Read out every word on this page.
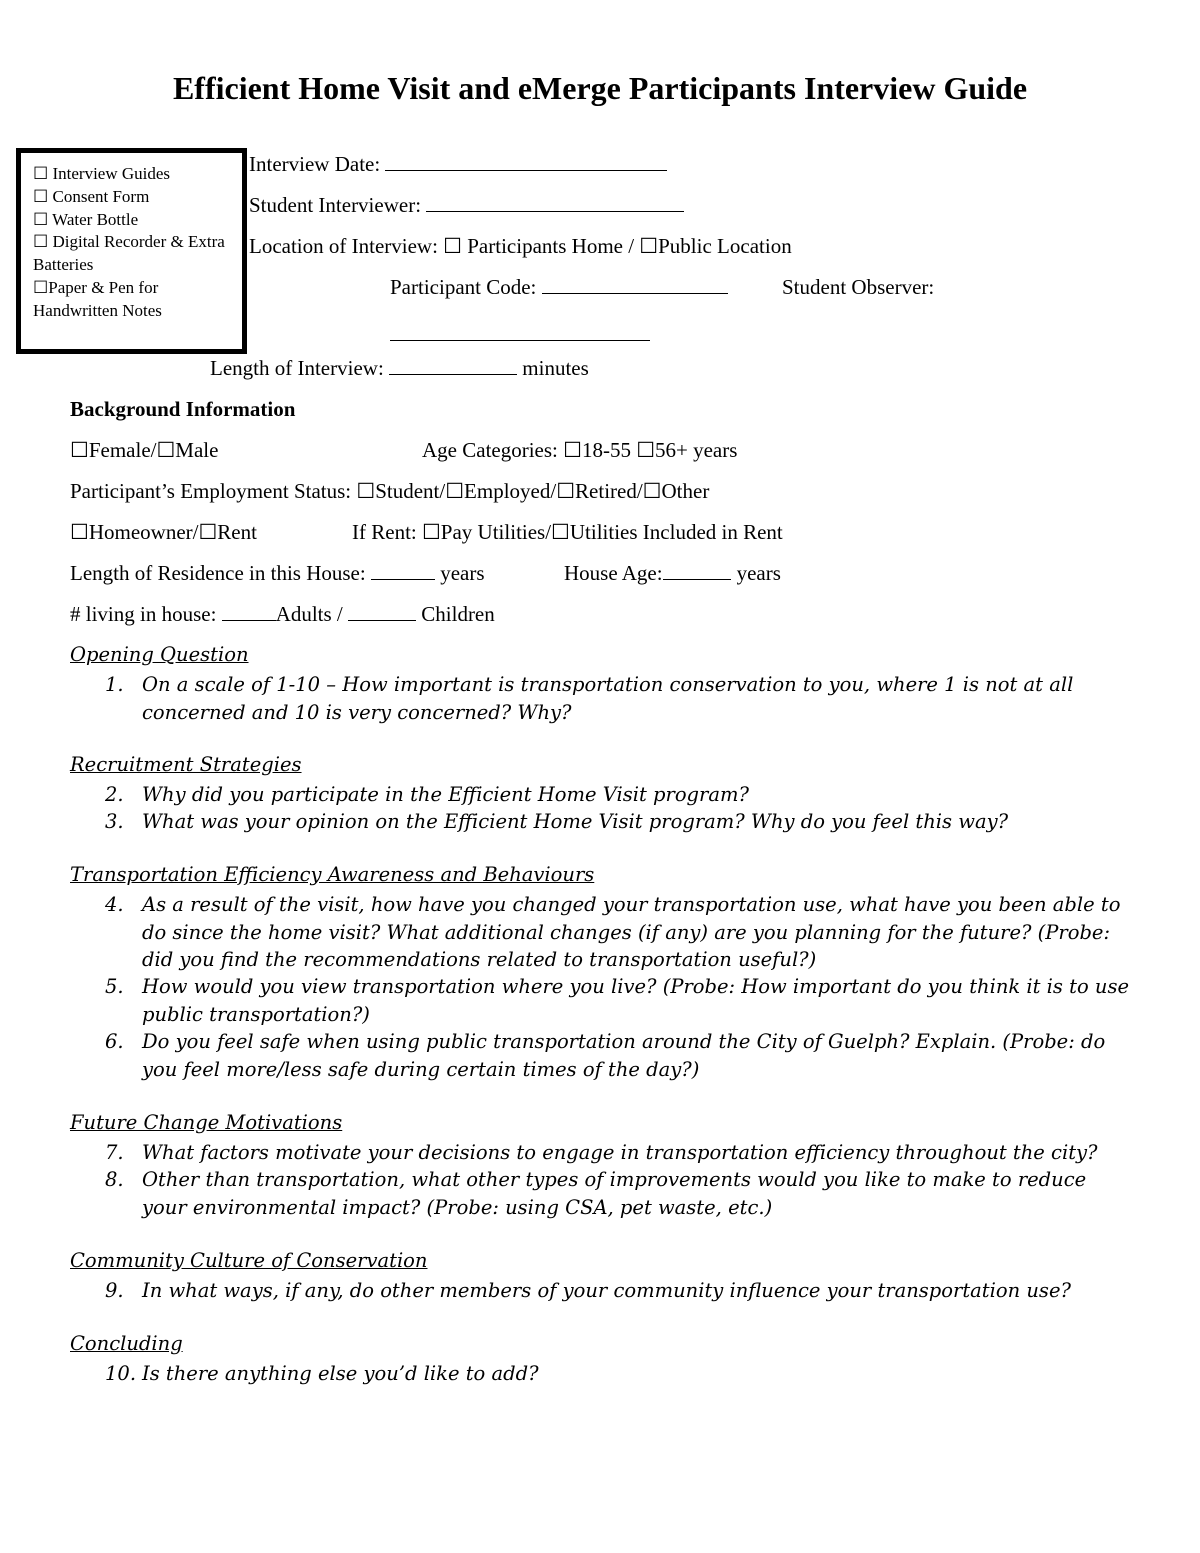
Efficient Home Visit and eMerge Participants Interview Guide
☐ Interview Guides
☐ Consent Form
☐ Water Bottle
☐ Digital Recorder & Extra Batteries
☐Paper & Pen for Handwritten Notes
Interview Date:
Student Interviewer:
Location of Interview: ☐ Participants Home / ☐Public Location
Participant Code:	Student Observer:
Length of Interview:	minutes
Background Information
☐Female/☐Male	Age Categories: ☐18-55 ☐56+ years
Participant’s Employment Status: ☐Student/☐Employed/☐Retired/☐Other
☐Homeowner/☐Rent	If Rent: ☐Pay Utilities/☐Utilities Included in Rent
Length of Residence in this House:	years	House Age:	years
# living in house:	Adults /	Children
Opening Question
1. On a scale of 1-10 – How important is transportation conservation to you, where 1 is not at all concerned and 10 is very concerned? Why?
Recruitment Strategies
2. Why did you participate in the Efficient Home Visit program?
3. What was your opinion on the Efficient Home Visit program? Why do you feel this way?
Transportation Efficiency Awareness and Behaviours
4. As a result of the visit, how have you changed your transportation use, what have you been able to do since the home visit? What additional changes (if any) are you planning for the future? (Probe: did you find the recommendations related to transportation useful?)
5. How would you view transportation where you live? (Probe: How important do you think it is to use public transportation?)
6. Do you feel safe when using public transportation around the City of Guelph? Explain. (Probe: do you feel more/less safe during certain times of the day?)
Future Change Motivations
7. What factors motivate your decisions to engage in transportation efficiency throughout the city?
8. Other than transportation, what other types of improvements would you like to make to reduce your environmental impact? (Probe: using CSA, pet waste, etc.)
Community Culture of Conservation
9. In what ways, if any, do other members of your community influence your transportation use?
Concluding
10. Is there anything else you’d like to add?
